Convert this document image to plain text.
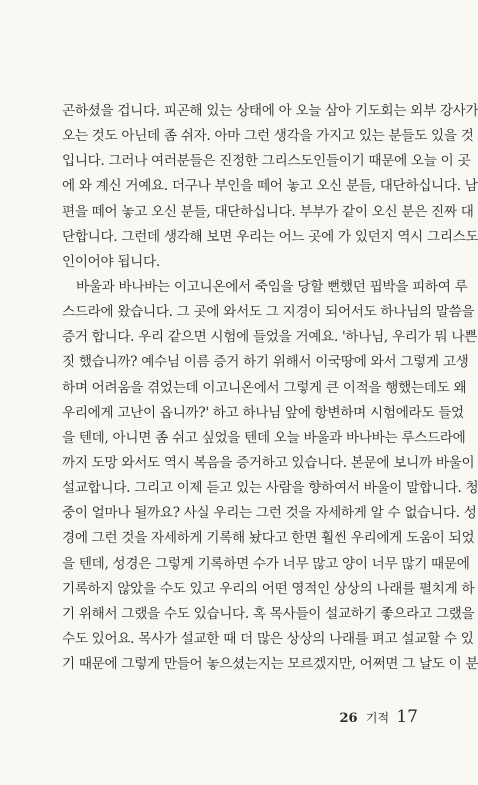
곤하셨을 겁니다. 피곤해 있는 상태에 아 오늘 삼아 기도회는 외부 강사가
오는 것도 아닌데 좀 쉬자. 아마 그런 생각을 가지고 있는 분들도 있을 것
입니다. 그러나 여러분들은 진정한 그리스도인들이기 때문에 오늘 이 곳
에 와 계신 거예요. 더구나 부인을 떼어 놓고 오신 분들, 대단하십니다. 남
편을 떼어 놓고 오신 분들, 대단하십니다. 부부가 같이 오신 분은 진짜 대
단합니다. 그런데 생각해 보면 우리는 어느 곳에 가 있던지 역시 그리스도
인이어야 됩니다.
바울과 바나바는 이고니온에서 죽임을 당할 뻔했던 핍박을 피하여 루
스드라에 왔습니다. 그 곳에 와서도 그 지경이 되어서도 하나님의 말씀을
증거 합니다. 우리 같으면 시험에 들었을 거예요. '하나님, 우리가 뭐 나쁜
짓 했습니까? 예수님 이름 증거 하기 위해서 이국땅에 와서 그렇게 고생
하며 어려움을 겪었는데 이고니온에서 그렇게 큰 이적을 행했는데도 왜
우리에게 고난이 옵니까?' 하고 하나님 앞에 항변하며 시험에라도 들었
을 텐데, 아니면 좀 쉬고 싶었을 텐데 오늘 바울과 바나바는 루스드라에
까지 도망 와서도 역시 복음을 증거하고 있습니다. 본문에 보니까 바울이
설교합니다. 그리고 이제 듣고 있는 사람을 향하여서 바울이 말합니다. 청
중이 얼마나 될까요? 사실 우리는 그런 것을 자세하게 알 수 없습니다. 성
경에 그런 것을 자세하게 기록해 놨다고 한면 훨씬 우리에게 도움이 되었
을 텐데, 성경은 그렇게 기록하면 수가 너무 많고 양이 너무 많기 때문에
기록하지 않았을 수도 있고 우리의 어떤 영적인 상상의 나래를 펼치게 하
기 위해서 그랬을 수도 있습니다. 혹 목사들이 설교하기 좋으라고 그랬을
수도 있어요. 목사가 설교한 때 더 많은 상상의 나래를 펴고 설교할 수 있
기 때문에 그렇게 만들어 놓으셨는지는 모르겠지만, 어쩌면 그 날도 이 분
26 기적 17
